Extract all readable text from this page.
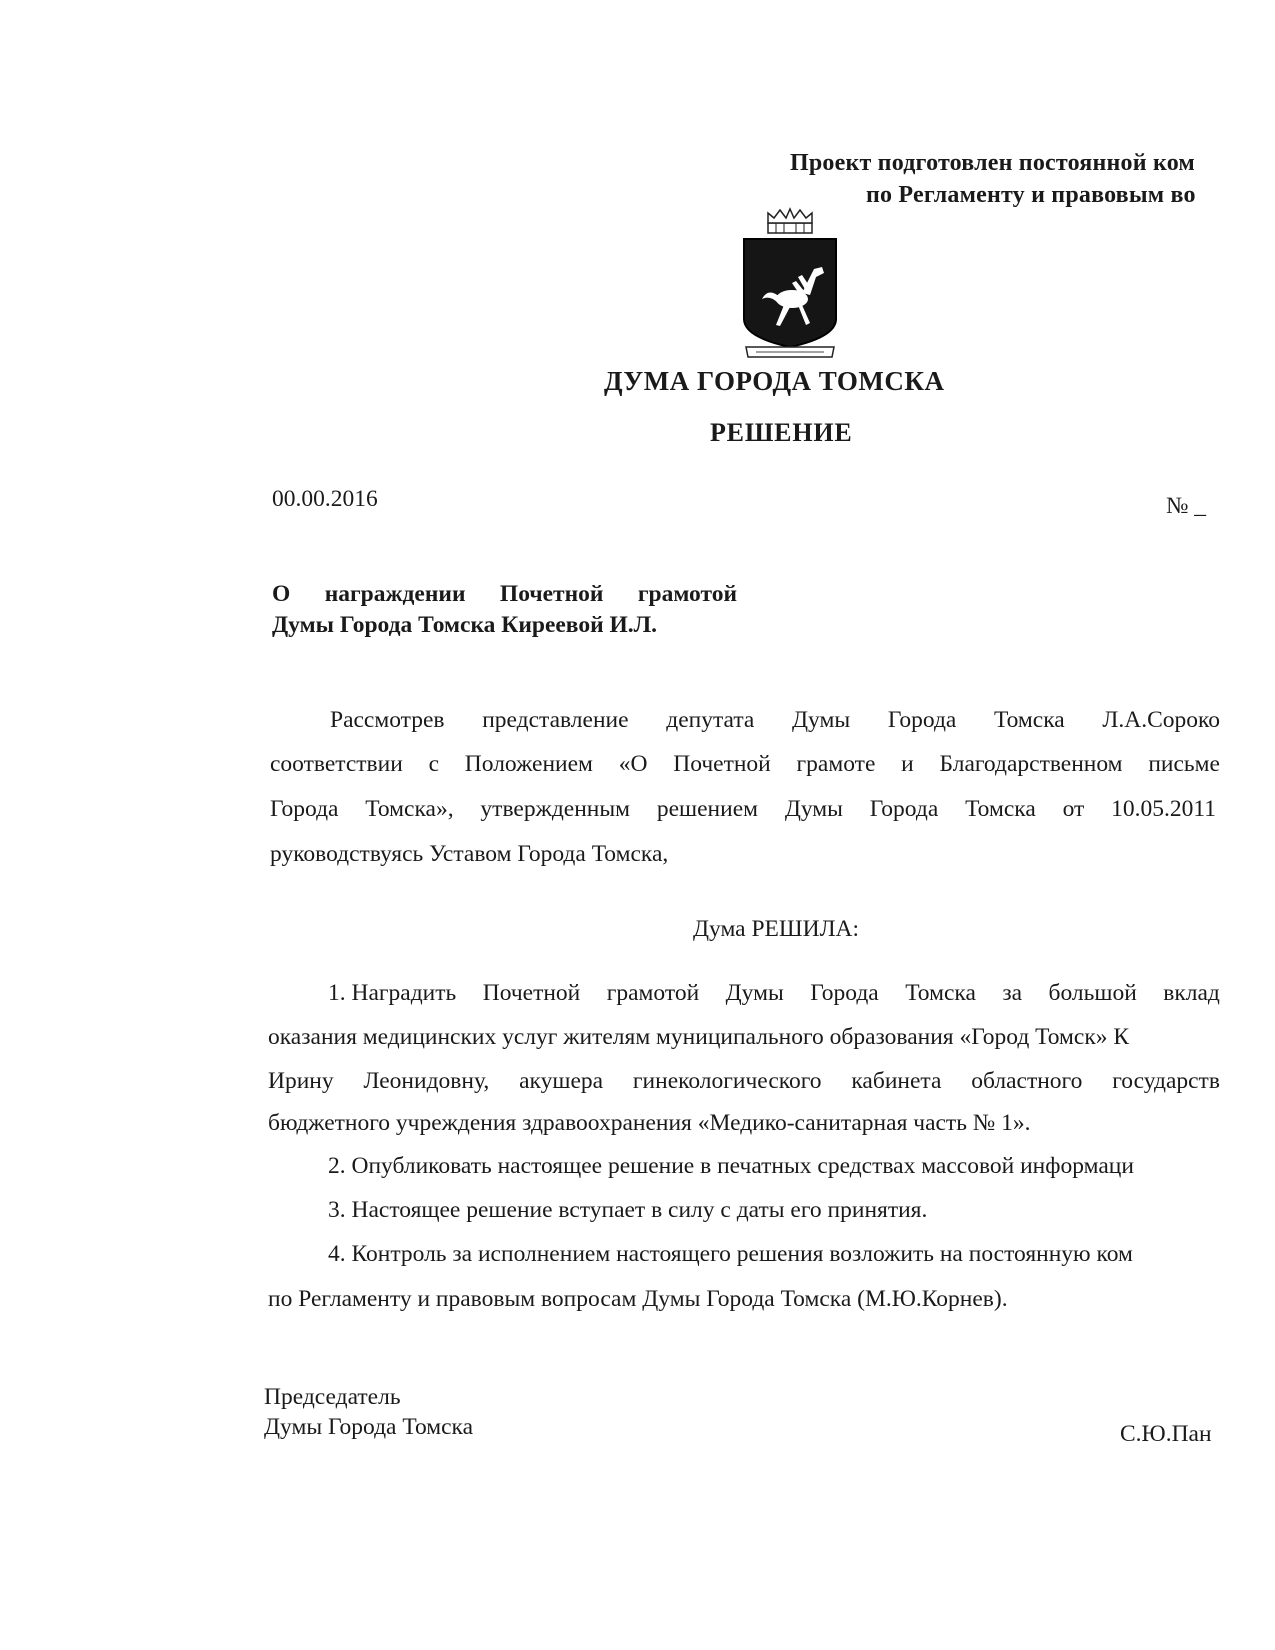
Проект подготовлен постоянной ком
по Регламенту и правовым во
ДУМА ГОРОДА ТОМСКА
РЕШЕНИЕ
00.00.2016	№ _
О награждении Почетной грамотой
Думы Города Томска Киреевой И.Л.
Рассмотрев представление депутата Думы Города Томска Л.А.Сороко
соответствии с Положением «О Почетной грамоте и Благодарственном письме
Города Томска», утвержденным решением Думы Города Томска от 10.05.2011
руководствуясь Уставом Города Томска,
Дума РЕШИЛА:
1. Наградить Почетной грамотой Думы Города Томска за большой вклад
оказания медицинских услуг жителям муниципального образования «Город Томск» К
Ирину Леонидовну, акушера гинекологического кабинета областного государств
бюджетного учреждения здравоохранения «Медико-санитарная часть № 1».
2. Опубликовать настоящее решение в печатных средствах массовой информаци
3. Настоящее решение вступает в силу с даты его принятия.
4. Контроль за исполнением настоящего решения возложить на постоянную ком
по Регламенту и правовым вопросам Думы Города Томска (М.Ю.Корнев).
Председатель
Думы Города Томска	С.Ю.Пан
